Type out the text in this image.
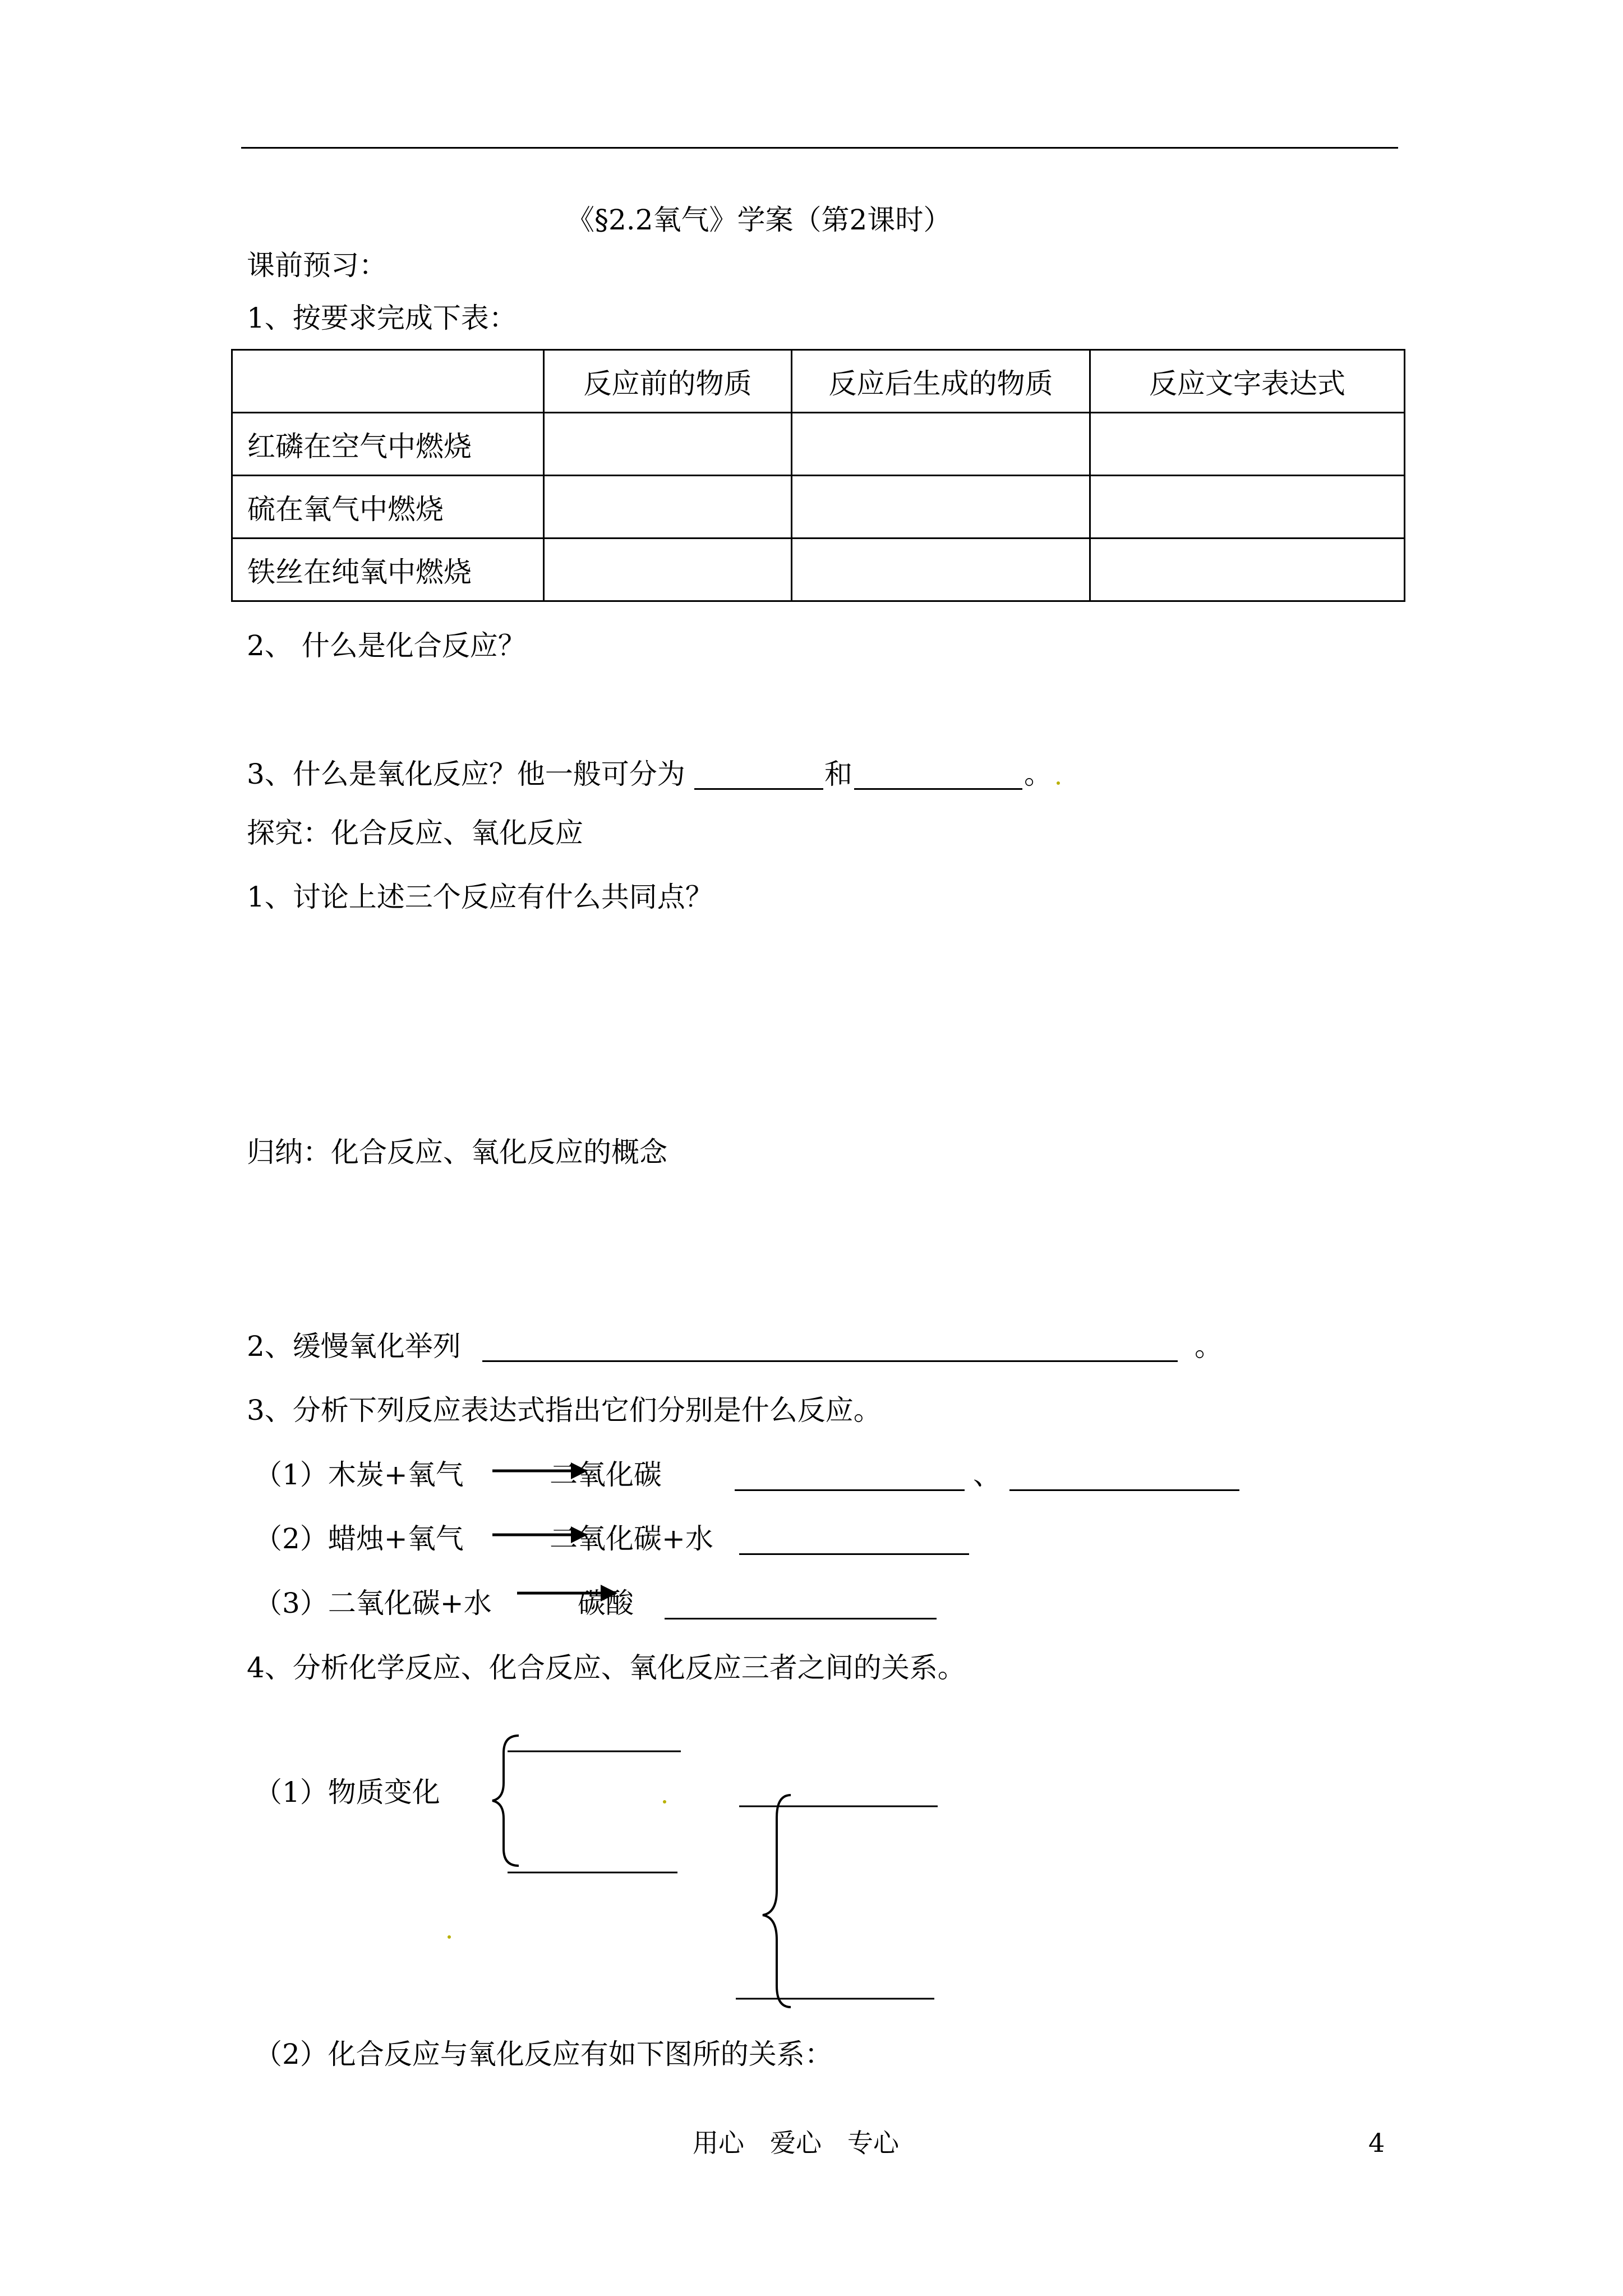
《§2.2氧气》学案（第2课时）
课前预习：
1、按要求完成下表：
	反应前的物质	反应后生成的物质	反应文字表达式
红磷在空气中燃烧			
硫在氧气中燃烧			
铁丝在纯氧中燃烧			
2、 什么是化合反应？
3、什么是氧化反应？他一般可分为	和	。
探究：化合反应、氧化反应
1、讨论上述三个反应有什么共同点？
归纳：化合反应、氧化反应的概念
2、缓慢氧化举列	。
3、分析下列反应表达式指出它们分别是什么反应。
（1）木炭+氧气	二氧化碳	、
（2）蜡烛+氧气	二氧化碳+水
（3）二氧化碳+水	碳酸
4、分析化学反应、化合反应、氧化反应三者之间的关系。
（1）物质变化
（2）化合反应与氧化反应有如下图所的关系：
用心　爱心　专心	4
